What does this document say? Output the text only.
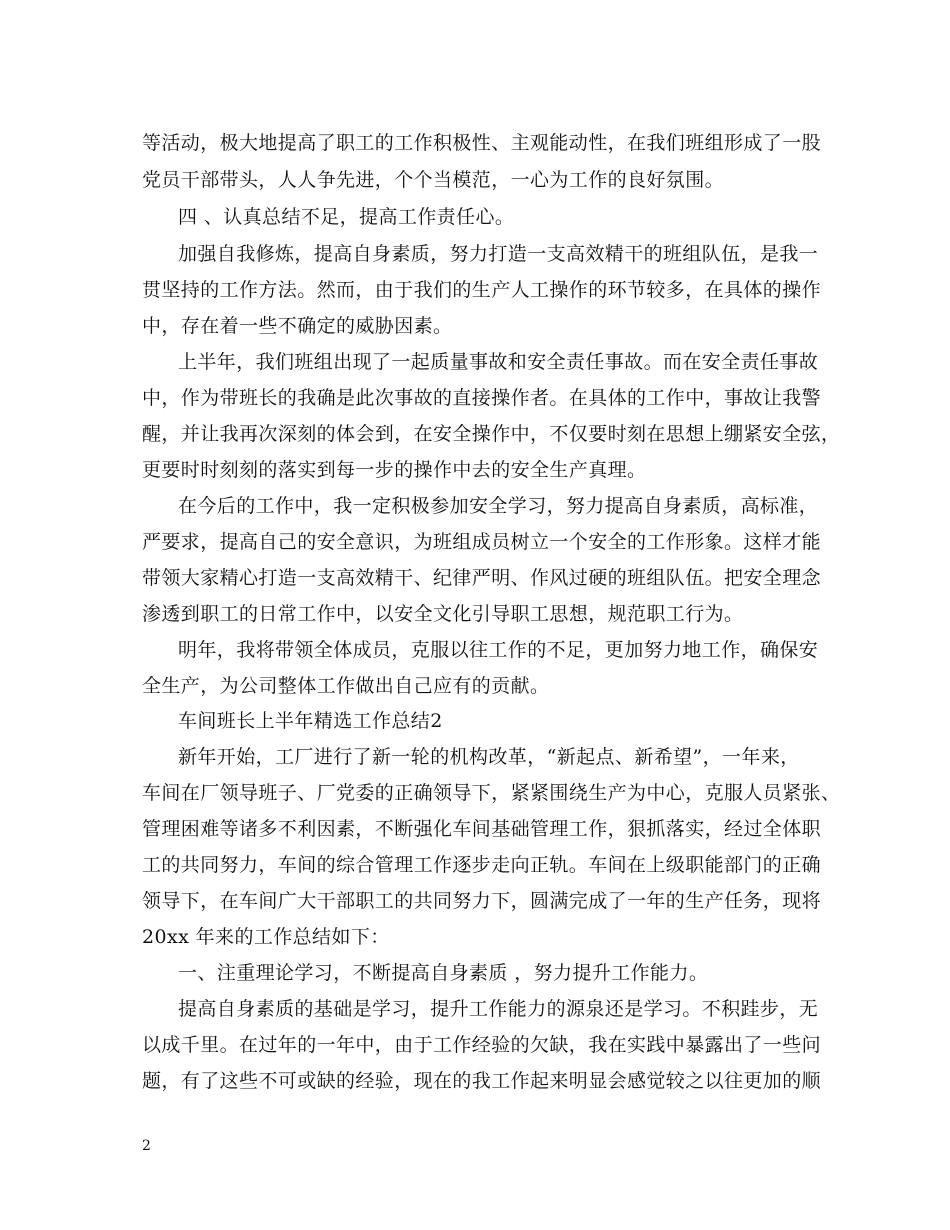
等活动，极大地提高了职工的工作积极性、主观能动性，在我们班组形成了一股
党员干部带头，人人争先进，个个当模范，一心为工作的良好氛围。
四 、认真总结不足，提高工作责任心。
加强自我修炼，提高自身素质，努力打造一支高效精干的班组队伍，是我一
贯坚持的工作方法。然而，由于我们的生产人工操作的环节较多，在具体的操作
中，存在着一些不确定的威胁因素。
上半年，我们班组出现了一起质量事故和安全责任事故。而在安全责任事故
中，作为带班长的我确是此次事故的直接操作者。在具体的工作中，事故让我警
醒，并让我再次深刻的体会到，在安全操作中，不仅要时刻在思想上绷紧安全弦，
更要时时刻刻的落实到每一步的操作中去的安全生产真理。
在今后的工作中，我一定积极参加安全学习，努力提高自身素质，高标准，
严要求，提高自己的安全意识，为班组成员树立一个安全的工作形象。这样才能
带领大家精心打造一支高效精干、纪律严明、作风过硬的班组队伍。把安全理念
渗透到职工的日常工作中，以安全文化引导职工思想，规范职工行为。
明年，我将带领全体成员，克服以往工作的不足，更加努力地工作，确保安
全生产，为公司整体工作做出自己应有的贡献。
车间班长上半年精选工作总结2
新年开始，工厂进行了新一轮的机构改革，“新起点、新希望”，一年来，
车间在厂领导班子、厂党委的正确领导下，紧紧围绕生产为中心，克服人员紧张、
管理困难等诸多不利因素，不断强化车间基础管理工作，狠抓落实，经过全体职
工的共同努力，车间的综合管理工作逐步走向正轨。车间在上级职能部门的正确
领导下，在车间广大干部职工的共同努力下，圆满完成了一年的生产任务，现将
20xx 年来的工作总结如下：
一、注重理论学习，不断提高自身素质 ，努力提升工作能力。
提高自身素质的基础是学习，提升工作能力的源泉还是学习。不积跬步，无
以成千里。在过年的一年中，由于工作经验的欠缺，我在实践中暴露出了一些问
题，有了这些不可或缺的经验，现在的我工作起来明显会感觉较之以往更加的顺
2
